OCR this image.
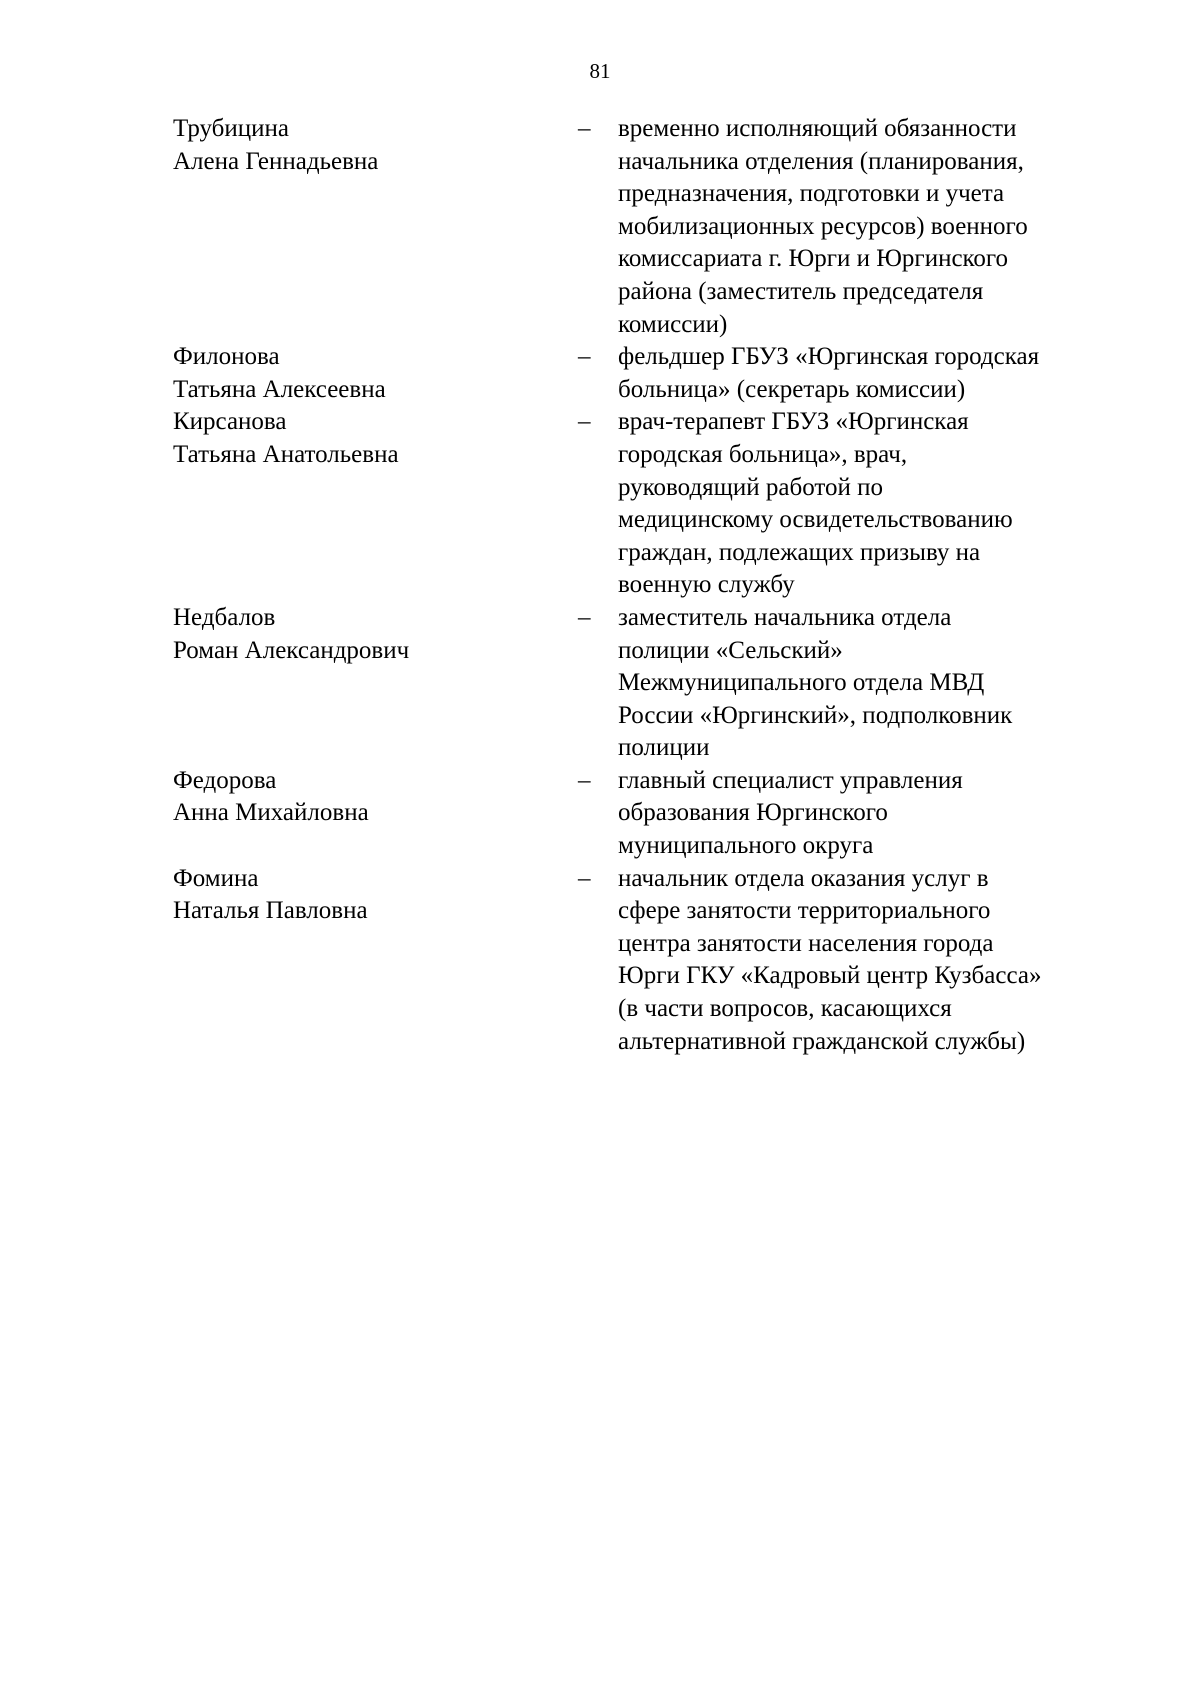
81
Трубицина
Алена Геннадьевна
– временно исполняющий обязанности
начальника отделения (планирования,
предназначения, подготовки и учета
мобилизационных ресурсов) военного
комиссариата г. Юрги и Юргинского
района (заместитель председателя
комиссии)
Филонова
Татьяна Алексеевна
– фельдшер ГБУЗ «Юргинская городская
больница» (секретарь комиссии)
Кирсанова
Татьяна Анатольевна
– врач-терапевт ГБУЗ «Юргинская
городская больница», врач,
руководящий работой по
медицинскому освидетельствованию
граждан, подлежащих призыву на
военную службу
Недбалов
Роман Александрович
– заместитель начальника отдела
полиции «Сельский»
Межмуниципального отдела МВД
России «Юргинский», подполковник
полиции
Федорова
Анна Михайловна
– главный специалист управления
образования Юргинского
муниципального округа
Фомина
Наталья Павловна
– начальник отдела оказания услуг в
сфере занятости территориального
центра занятости населения города
Юрги ГКУ «Кадровый центр Кузбасса»
(в части вопросов, касающихся
альтернативной гражданской службы)
